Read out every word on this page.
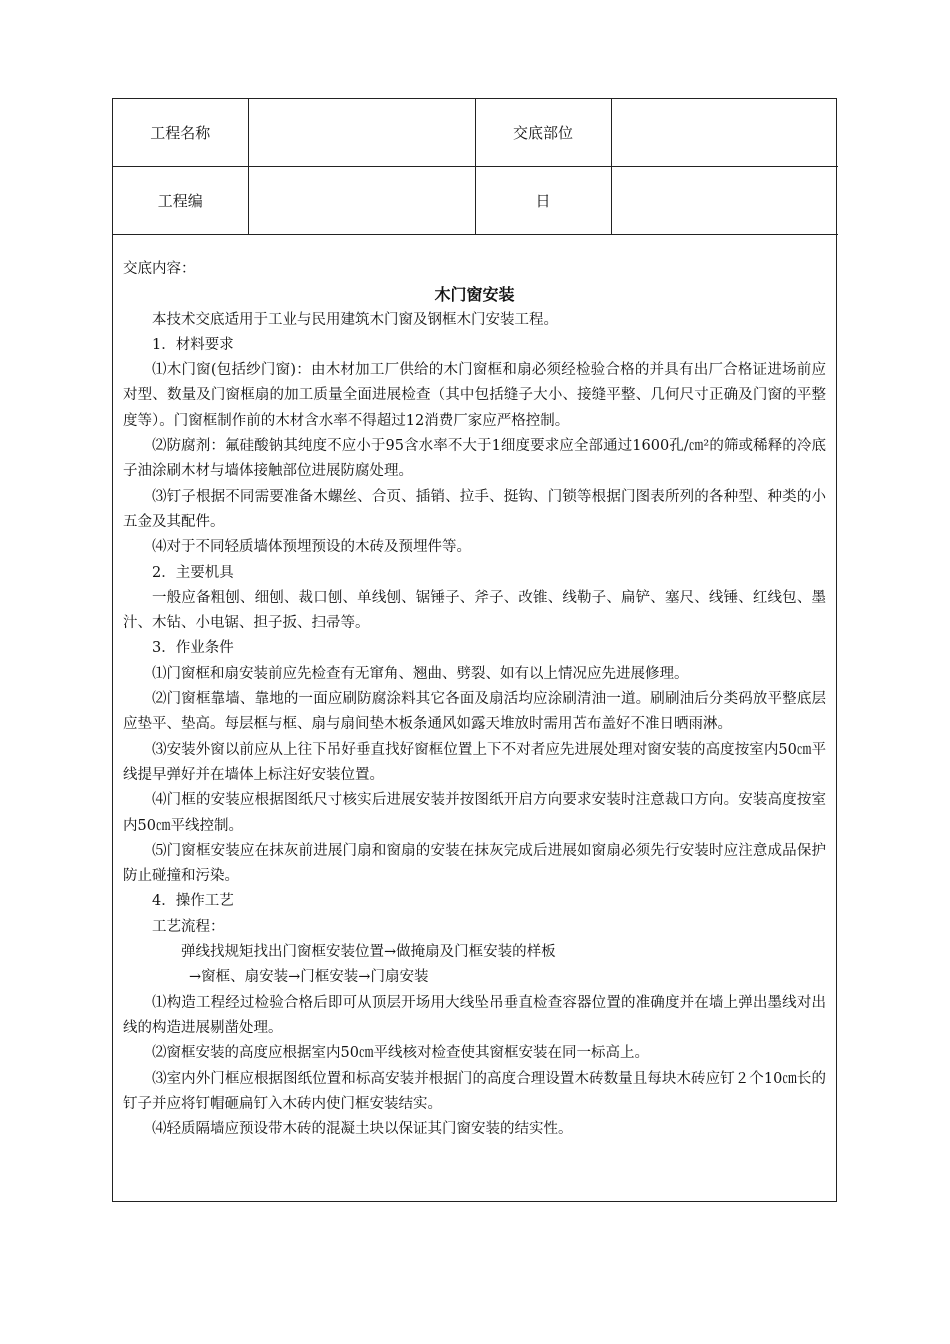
工程名称		交底部位	
工程编		日	

交底内容：

木门窗安装

本技术交底适用于工业与民用建筑木门窗及钢框木门安装工程。

1．材料要求

⑴木门窗(包括纱门窗)：由木材加工厂供给的木门窗框和扇必须经检验合格的并具有出厂合格证进场前应对型、数量及门窗框扇的加工质量全面进展检查（其中包括缝子大小、接缝平整、几何尺寸正确及门窗的平整度等）。门窗框制作前的木材含水率不得超过12消费厂家应严格控制。

⑵防腐剂：氟硅酸钠其纯度不应小于95含水率不大于1细度要求应全部通过1600孔/㎝²的筛或稀释的冷底子油涂刷木材与墙体接触部位进展防腐处理。

⑶钉子根据不同需要准备木螺丝、合页、插销、拉手、挺钩、门锁等根据门图表所列的各种型、种类的小五金及其配件。

⑷对于不同轻质墙体预埋预设的木砖及预埋件等。

2．主要机具

一般应备粗刨、细刨、裁口刨、单线刨、锯锤子、斧子、改锥、线勒子、扁铲、塞尺、线锤、红线包、墨汁、木钻、小电锯、担子扳、扫帚等。

3．作业条件

⑴门窗框和扇安装前应先检查有无窜角、翘曲、劈裂、如有以上情况应先进展修理。

⑵门窗框靠墙、靠地的一面应刷防腐涂料其它各面及扇活均应涂刷清油一道。刷刷油后分类码放平整底层应垫平、垫高。每层框与框、扇与扇间垫木板条通风如露天堆放时需用苫布盖好不准日晒雨淋。

⑶安装外窗以前应从上往下吊好垂直找好窗框位置上下不对者应先进展处理对窗安装的高度按室内50㎝平线提早弹好并在墙体上标注好安装位置。

⑷门框的安装应根据图纸尺寸核实后进展安装并按图纸开启方向要求安装时注意裁口方向。安装高度按室内50㎝平线控制。

⑸门窗框安装应在抹灰前进展门扇和窗扇的安装在抹灰完成后进展如窗扇必须先行安装时应注意成品保护防止碰撞和污染。

4．操作工艺

工艺流程：

弹线找规矩找出门窗框安装位置→做掩扇及门框安装的样板

→窗框、扇安装→门框安装→门扇安装

⑴构造工程经过检验合格后即可从顶层开场用大线坠吊垂直检查容器位置的准确度并在墙上弹出墨线对出线的构造进展剔凿处理。

⑵窗框安装的高度应根据室内50㎝平线核对检查使其窗框安装在同一标高上。

⑶室内外门框应根据图纸位置和标高安装并根据门的高度合理设置木砖数量且每块木砖应钉２个10㎝长的钉子并应将钉帽砸扁钉入木砖内使门框安装结实。

⑷轻质隔墙应预设带木砖的混凝土块以保证其门窗安装的结实性。
